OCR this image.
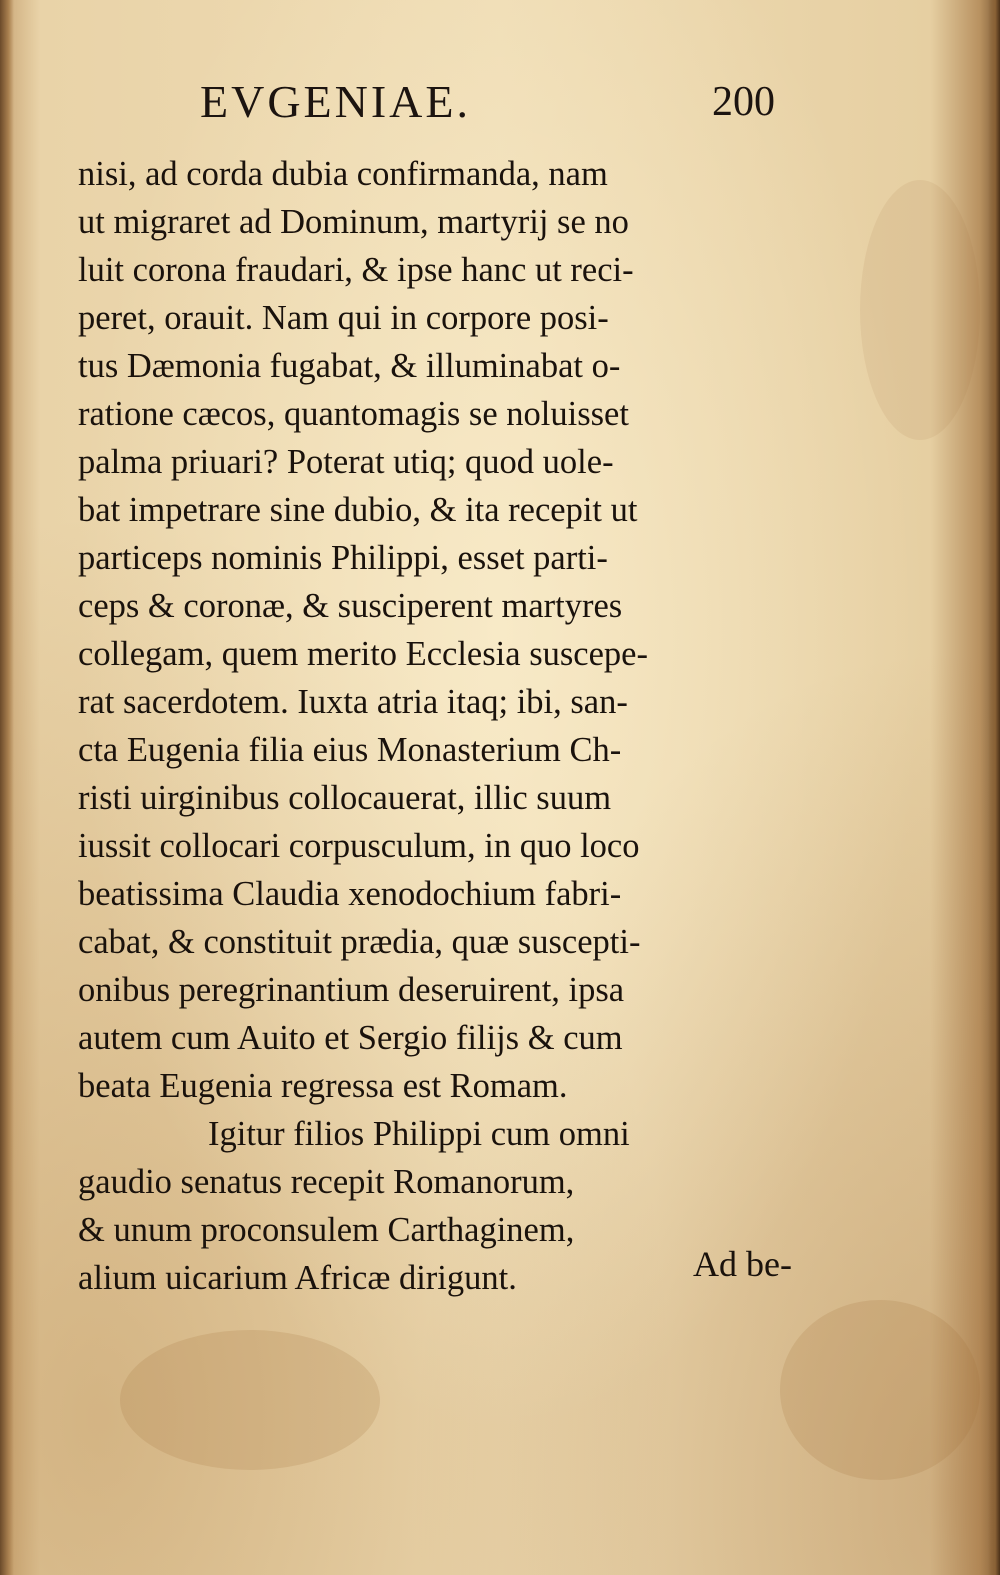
EVGENIAE.	200

nisi, ad corda dubia confirmanda, nam
ut migraret ad Dominum, martyrij se no
luit corona fraudari, & ipse hanc ut reci-
peret, orauit. Nam qui in corpore posi-
tus Dæmonia fugabat, & illuminabat o-
ratione cæcos, quantomagis se noluisset
palma priuari? Poterat utiq; quod uole-
bat impetrare sine dubio, & ita recepit ut
particeps nominis Philippi, esset parti-
ceps & coronæ, & susciperent martyres
collegam, quem merito Ecclesia suscepe-
rat sacerdotem. Iuxta atria itaq; ibi, san-
cta Eugenia filia eius Monasterium Ch-
risti uirginibus collocauerat, illic suum
iussit collocari corpusculum, in quo loco
beatissima Claudia xenodochium fabri-
cabat, & constituit prædia, quæ suscepti-
onibus peregrinantium deseruirent, ipsa
autem cum Auito et Sergio filijs & cum
beata Eugenia regressa est Romam.

Igitur filios Philippi cum omni
gaudio senatus recepit Romanorum,
& unum proconsulem Carthaginem,
alium uicarium Africæ dirigunt.	Ad be-
